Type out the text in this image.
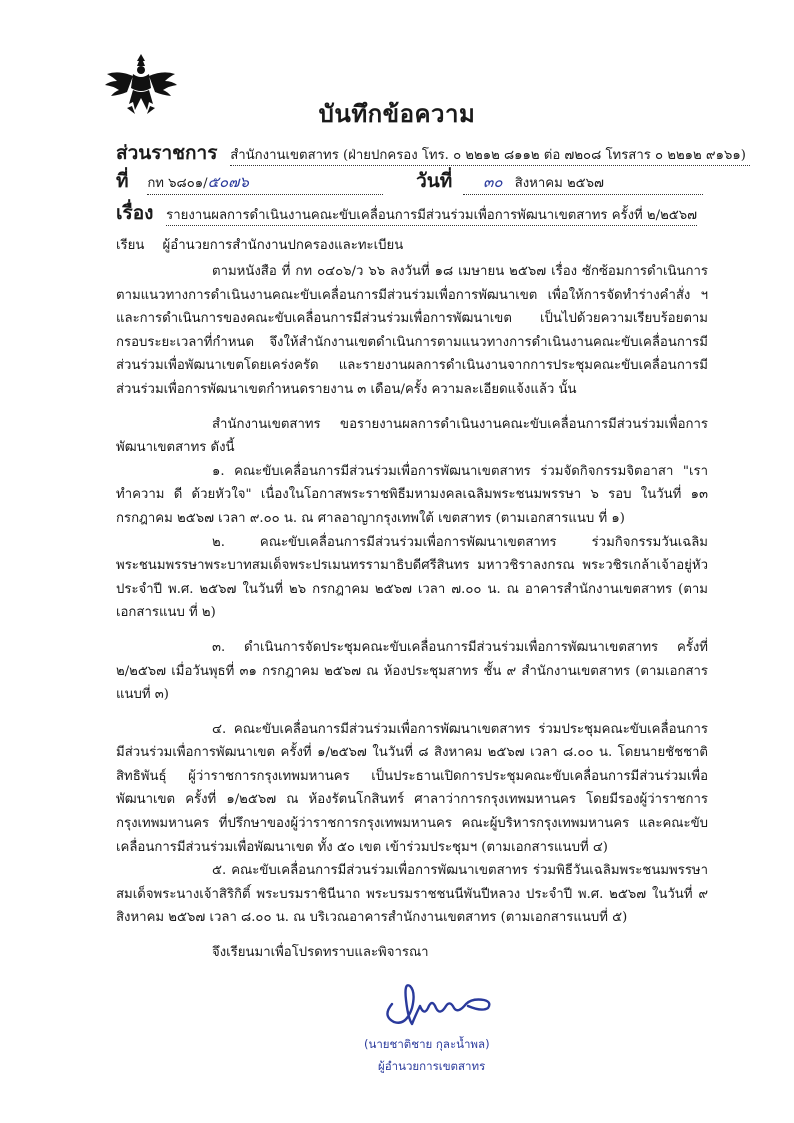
บันทึกข้อความ
ส่วนราชการ สำนักงานเขตสาทร (ฝ่ายปกครอง โทร. ๐ ๒๒๑๒ ๘๑๑๒ ต่อ ๗๒๐๘ โทรสาร ๐ ๒๒๑๒ ๙๑๖๑)
ที่ กท ๖๘๐๑/๕๐๗๖	วันที่ ๓๐ สิงหาคม ๒๕๖๗
เรื่อง รายงานผลการดำเนินงานคณะขับเคลื่อนการมีส่วนร่วมเพื่อการพัฒนาเขตสาทร ครั้งที่ ๒/๒๕๖๗
เรียน ผู้อำนวยการสำนักงานปกครองและทะเบียน

ตามหนังสือ ที่ กท ๐๔๐๖/ว ๖๖ ลงวันที่ ๑๘ เมษายน ๒๕๖๗ เรื่อง ซักซ้อมการดำเนินการตามแนวทางการดำเนินงานคณะขับเคลื่อนการมีส่วนร่วมเพื่อการพัฒนาเขต เพื่อให้การจัดทำร่างคำสั่ง ฯ และการดำเนินการของคณะขับเคลื่อนการมีส่วนร่วมเพื่อการพัฒนาเขต เป็นไปด้วยความเรียบร้อยตามกรอบระยะเวลาที่กำหนด จึงให้สำนักงานเขตดำเนินการตามแนวทางการดำเนินงานคณะขับเคลื่อนการมีส่วนร่วมเพื่อพัฒนาเขตโดยเคร่งครัด และรายงานผลการดำเนินงานจากการประชุมคณะขับเคลื่อนการมีส่วนร่วมเพื่อการพัฒนาเขตกำหนดรายงาน ๓ เดือน/ครั้ง ความละเอียดแจ้งแล้ว นั้น

สำนักงานเขตสาทร ขอรายงานผลการดำเนินงานคณะขับเคลื่อนการมีส่วนร่วมเพื่อการพัฒนาเขตสาทร ดังนี้

๑. คณะขับเคลื่อนการมีส่วนร่วมเพื่อการพัฒนาเขตสาทร ร่วมจัดกิจกรรมจิตอาสา "เราทำความ ดี ด้วยหัวใจ" เนื่องในโอกาสพระราชพิธีมหามงคลเฉลิมพระชนมพรรษา ๖ รอบ ในวันที่ ๑๓ กรกฎาคม ๒๕๖๗ เวลา ๙.๐๐ น. ณ ศาลอาญากรุงเทพใต้ เขตสาทร (ตามเอกสารแนบ ที่ ๑)

๒. คณะขับเคลื่อนการมีส่วนร่วมเพื่อการพัฒนาเขตสาทร ร่วมกิจกรรมวันเฉลิมพระชนมพรรษาพระบาทสมเด็จพระปรเมนทรรามาธิบดีศรีสินทร มหาวชิราลงกรณ พระวชิรเกล้าเจ้าอยู่หัว ประจำปี พ.ศ. ๒๕๖๗ ในวันที่ ๒๖ กรกฎาคม ๒๕๖๗ เวลา ๗.๐๐ น. ณ อาคารสำนักงานเขตสาทร (ตามเอกสารแนบ ที่ ๒)

๓. ดำเนินการจัดประชุมคณะขับเคลื่อนการมีส่วนร่วมเพื่อการพัฒนาเขตสาทร ครั้งที่ ๒/๒๕๖๗ เมื่อวันพุธที่ ๓๑ กรกฎาคม ๒๕๖๗ ณ ห้องประชุมสาทร ชั้น ๙ สำนักงานเขตสาทร (ตามเอกสารแนบที่ ๓)

๔. คณะขับเคลื่อนการมีส่วนร่วมเพื่อการพัฒนาเขตสาทร ร่วมประชุมคณะขับเคลื่อนการมีส่วนร่วมเพื่อการพัฒนาเขต ครั้งที่ ๑/๒๕๖๗ ในวันที่ ๘ สิงหาคม ๒๕๖๗ เวลา ๘.๐๐ น. โดยนายชัชชาติ สิทธิพันธุ์ ผู้ว่าราชการกรุงเทพมหานคร เป็นประธานเปิดการประชุมคณะขับเคลื่อนการมีส่วนร่วมเพื่อพัฒนาเขต ครั้งที่ ๑/๒๕๖๗ ณ ห้องรัตนโกสินทร์ ศาลาว่าการกรุงเทพมหานคร โดยมีรองผู้ว่าราชการกรุงเทพมหานคร ที่ปรึกษาของผู้ว่าราชการกรุงเทพมหานคร คณะผู้บริหารกรุงเทพมหานคร และคณะขับเคลื่อนการมีส่วนร่วมเพื่อพัฒนาเขต ทั้ง ๕๐ เขต เข้าร่วมประชุมฯ (ตามเอกสารแนบที่ ๔)

๕. คณะขับเคลื่อนการมีส่วนร่วมเพื่อการพัฒนาเขตสาทร ร่วมพิธีวันเฉลิมพระชนมพรรษาสมเด็จพระนางเจ้าสิริกิติ์ พระบรมราชินีนาถ พระบรมราชชนนีพันปีหลวง ประจำปี พ.ศ. ๒๕๖๗ ในวันที่ ๙ สิงหาคม ๒๕๖๗ เวลา ๘.๐๐ น. ณ บริเวณอาคารสำนักงานเขตสาทร (ตามเอกสารแนบที่ ๕)

จึงเรียนมาเพื่อโปรดทราบและพิจารณา

(นายชาติชาย กุละน้ำพล)
ผู้อำนวยการเขตสาทร
